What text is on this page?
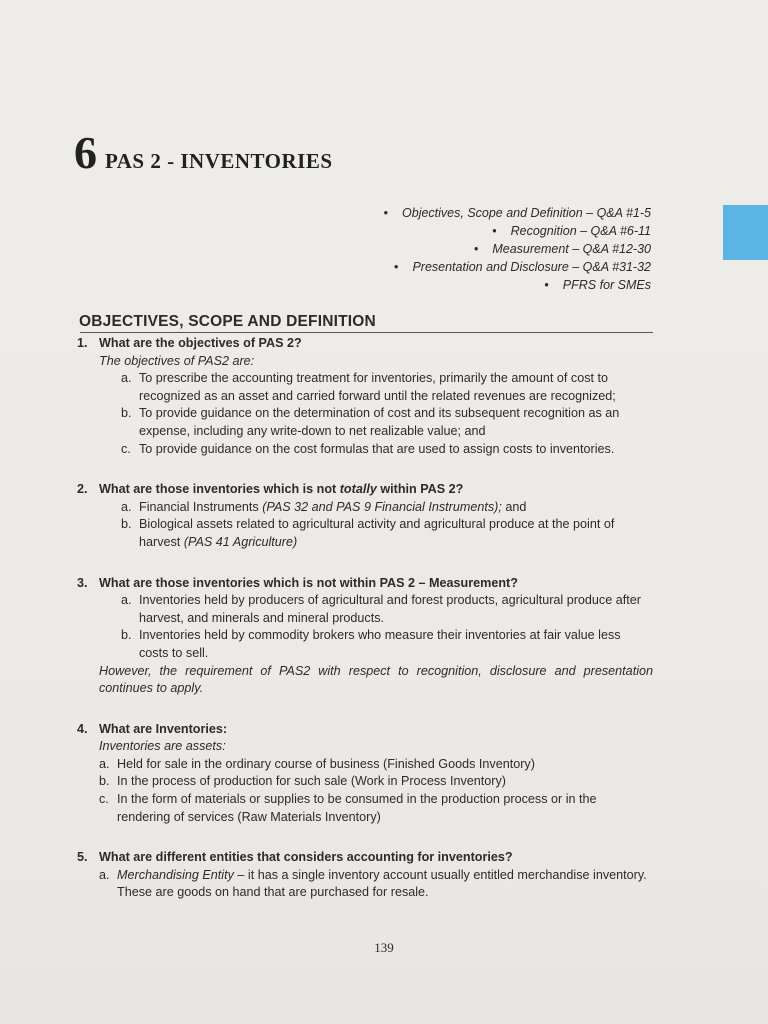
6 PAS 2 - INVENTORIES
• Objectives, Scope and Definition – Q&A #1-5
• Recognition – Q&A #6-11
• Measurement – Q&A #12-30
• Presentation and Disclosure – Q&A #31-32
• PFRS for SMEs
OBJECTIVES, SCOPE AND DEFINITION
1. What are the objectives of PAS 2?
The objectives of PAS2 are:
a. To prescribe the accounting treatment for inventories, primarily the amount of cost to recognized as an asset and carried forward until the related revenues are recognized;
b. To provide guidance on the determination of cost and its subsequent recognition as an expense, including any write-down to net realizable value; and
c. To provide guidance on the cost formulas that are used to assign costs to inventories.
2. What are those inventories which is not totally within PAS 2?
a. Financial Instruments (PAS 32 and PAS 9 Financial Instruments); and
b. Biological assets related to agricultural activity and agricultural produce at the point of harvest (PAS 41 Agriculture)
3. What are those inventories which is not within PAS 2 – Measurement?
a. Inventories held by producers of agricultural and forest products, agricultural produce after harvest, and minerals and mineral products.
b. Inventories held by commodity brokers who measure their inventories at fair value less costs to sell.
However, the requirement of PAS2 with respect to recognition, disclosure and presentation continues to apply.
4. What are Inventories:
Inventories are assets:
a. Held for sale in the ordinary course of business (Finished Goods Inventory)
b. In the process of production for such sale (Work in Process Inventory)
c. In the form of materials or supplies to be consumed in the production process or in the rendering of services (Raw Materials Inventory)
5. What are different entities that considers accounting for inventories?
a. Merchandising Entity – it has a single inventory account usually entitled merchandise inventory. These are goods on hand that are purchased for resale.
139
